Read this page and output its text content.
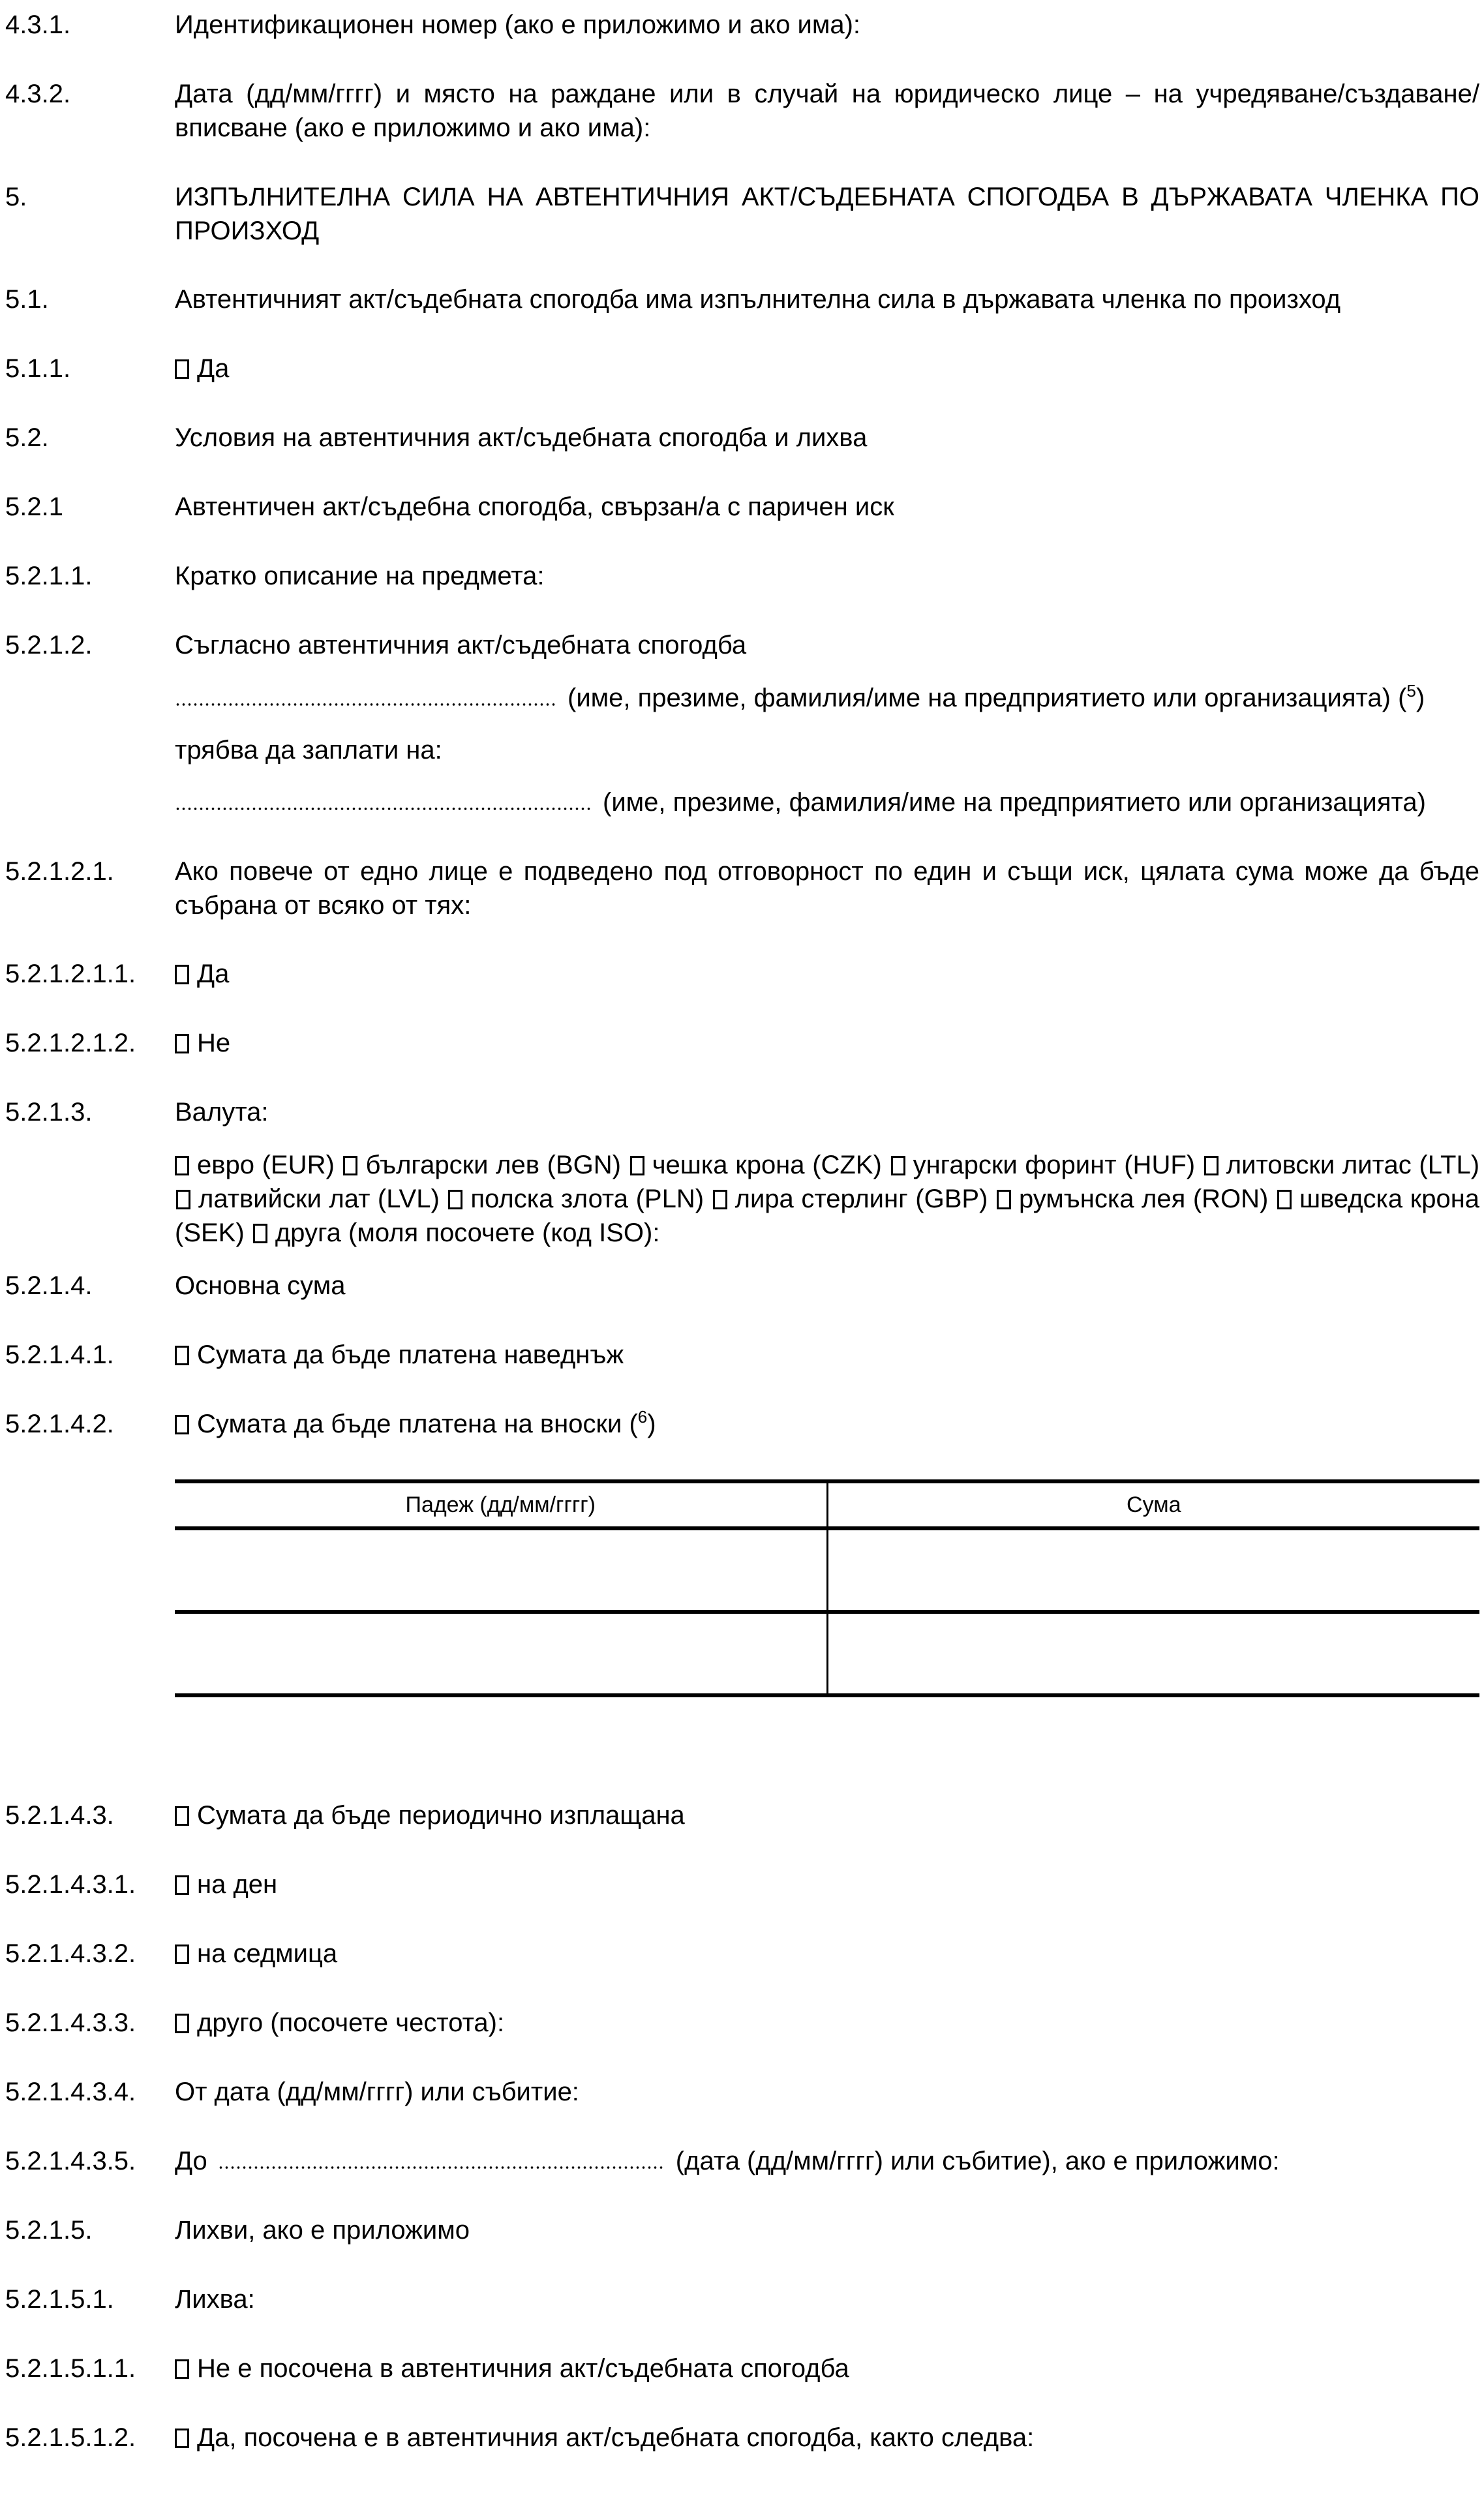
4.3.1.	Идентификационен номер (ако е приложимо и ако има):
4.3.2.	Дата (дд/мм/гггг) и място на раждане или в случай на юридическо лице – на учредяване/създаване/ вписване (ако е приложимо и ако има):
5.	ИЗПЪЛНИТЕЛНА СИЛА НА АВТЕНТИЧНИЯ АКТ/СЪДЕБНАТА СПОГОДБА В ДЪРЖАВАТА ЧЛЕНКА ПО ПРОИЗХОД
5.1.	Автентичният акт/съдебната спогодба има изпълнителна сила в държавата членка по произход
5.1.1.	Да
5.2.	Условия на автентичния акт/съдебната спогодба и лихва
5.2.1	Автентичен акт/съдебна спогодба, свързан/а с паричен иск
5.2.1.1.	Кратко описание на предмета:
5.2.1.2.	Съгласно автентичния акт/съдебната спогодба
(име, презиме, фамилия/име на предприятието или организацията) ($^5$)
трябва да заплати на:
(име, презиме, фамилия/име на предприятието или организацията)
5.2.1.2.1. Ако повече от едно лице е подведено под отговорност по един и същи иск, цялата сума може да бъде събрана от всяко от тях:
5.2.1.2.1.1.	Да
5.2.1.2.1.2.	Не
5.2.1.3.	Валута:
евро (EUR) български лев (BGN) чешка крона (CZK) унгарски форинт (HUF) литовски литас (LTL) латвийски лат (LVL) полска злота (PLN) лира стерлинг (GBP) румънска лея (RON) шведска крона (SEK) друга (моля посочете (код ISO):
5.2.1.4.	Основна сума
5.2.1.4.1.	Сумата да бъде платена наведнъж
5.2.1.4.2.	Сумата да бъде платена на вноски ($^6$)
Падеж (дд/мм/гггг)	Сума

5.2.1.4.3.	Сумата да бъде периодично изплащана
5.2.1.4.3.1.	на ден
5.2.1.4.3.2.	на седмица
5.2.1.4.3.3.	друго (посочете честота):
5.2.1.4.3.4. От дата (дд/мм/гггг) или събитие:
5.2.1.4.3.5. До	(дата (дд/мм/гггг) или събитие), ако е приложимо:
5.2.1.5.	Лихви, ако е приложимо
5.2.1.5.1. Лихва:
5.2.1.5.1.1.	Не е посочена в автентичния акт/съдебната спогодба
5.2.1.5.1.2.	Да, посочена е в автентичния акт/съдебната спогодба, както следва:
